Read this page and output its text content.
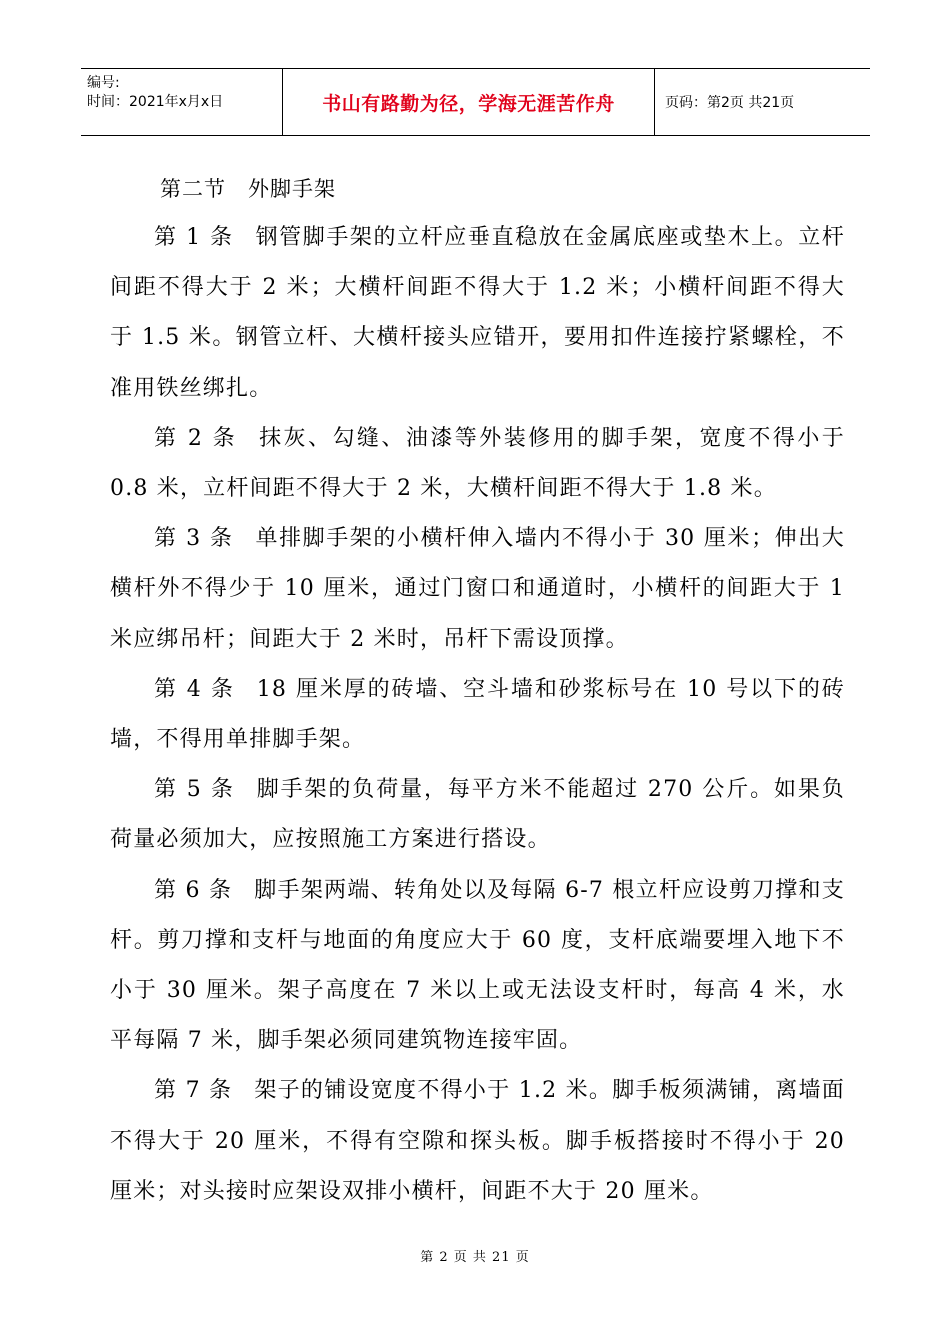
编号:
时间：2021年x月x日	书山有路勤为径，学海无涯苦作舟	页码：第2页 共21页
第二节　外脚手架

第 1 条 钢管脚手架的立杆应垂直稳放在金属底座或垫木上。立杆间距不得大于 2 米；大横杆间距不得大于 1.2 米；小横杆间距不得大于 1.5 米。钢管立杆、大横杆接头应错开，要用扣件连接拧紧螺栓，不准用铁丝绑扎。

第 2 条 抹灰、勾缝、油漆等外装修用的脚手架，宽度不得小于 0.8 米，立杆间距不得大于 2 米，大横杆间距不得大于 1.8 米。

第 3 条 单排脚手架的小横杆伸入墙内不得小于 30 厘米；伸出大横杆外不得少于 10 厘米，通过门窗口和通道时，小横杆的间距大于 1 米应绑吊杆；间距大于 2 米时，吊杆下需设顶撑。

第 4 条 18 厘米厚的砖墙、空斗墙和砂浆标号在 10 号以下的砖墙，不得用单排脚手架。

第 5 条 脚手架的负荷量，每平方米不能超过 270 公斤。如果负荷量必须加大，应按照施工方案进行搭设。

第 6 条 脚手架两端、转角处以及每隔 6-7 根立杆应设剪刀撑和支杆。剪刀撑和支杆与地面的角度应大于 60 度，支杆底端要埋入地下不小于 30 厘米。架子高度在 7 米以上或无法设支杆时，每高 4 米，水平每隔 7 米，脚手架必须同建筑物连接牢固。

第 7 条 架子的铺设宽度不得小于 1.2 米。脚手板须满铺，离墙面不得大于 20 厘米，不得有空隙和探头板。脚手板搭接时不得小于 20 厘米；对头接时应架设双排小横杆，间距不大于 20 厘米。

第 2 页 共 21 页
